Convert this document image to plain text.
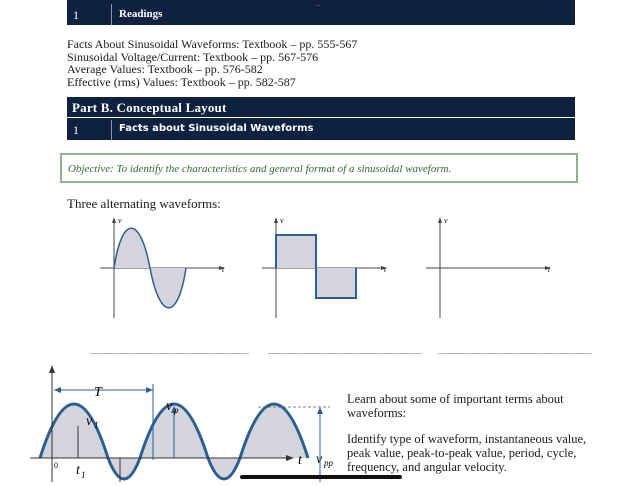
1	Readings
...
Facts About Sinusoidal Waveforms: Textbook – pp. 555-567
Sinusoidal Voltage/Current: Textbook – pp. 567-576
Average Values: Textbook – pp. 576-582
Effective (rms) Values: Textbook – pp. 582-587
Part B. Conceptual Layout
1	Facts about Sinusoidal Waveforms
Objective: To identify the characteristics and general format of a sinusoidal waveform.
Three alternating waveforms:
v
t
v
t
v
t
_______________________________ ______________________________ ______________________________
T
v 1
t 1
0
v p
v pp
t

Learn about some of important terms about waveforms:

Identify type of waveform, instantaneous value, peak value, peak-to-peak value, period, cycle, frequency, and angular velocity.
